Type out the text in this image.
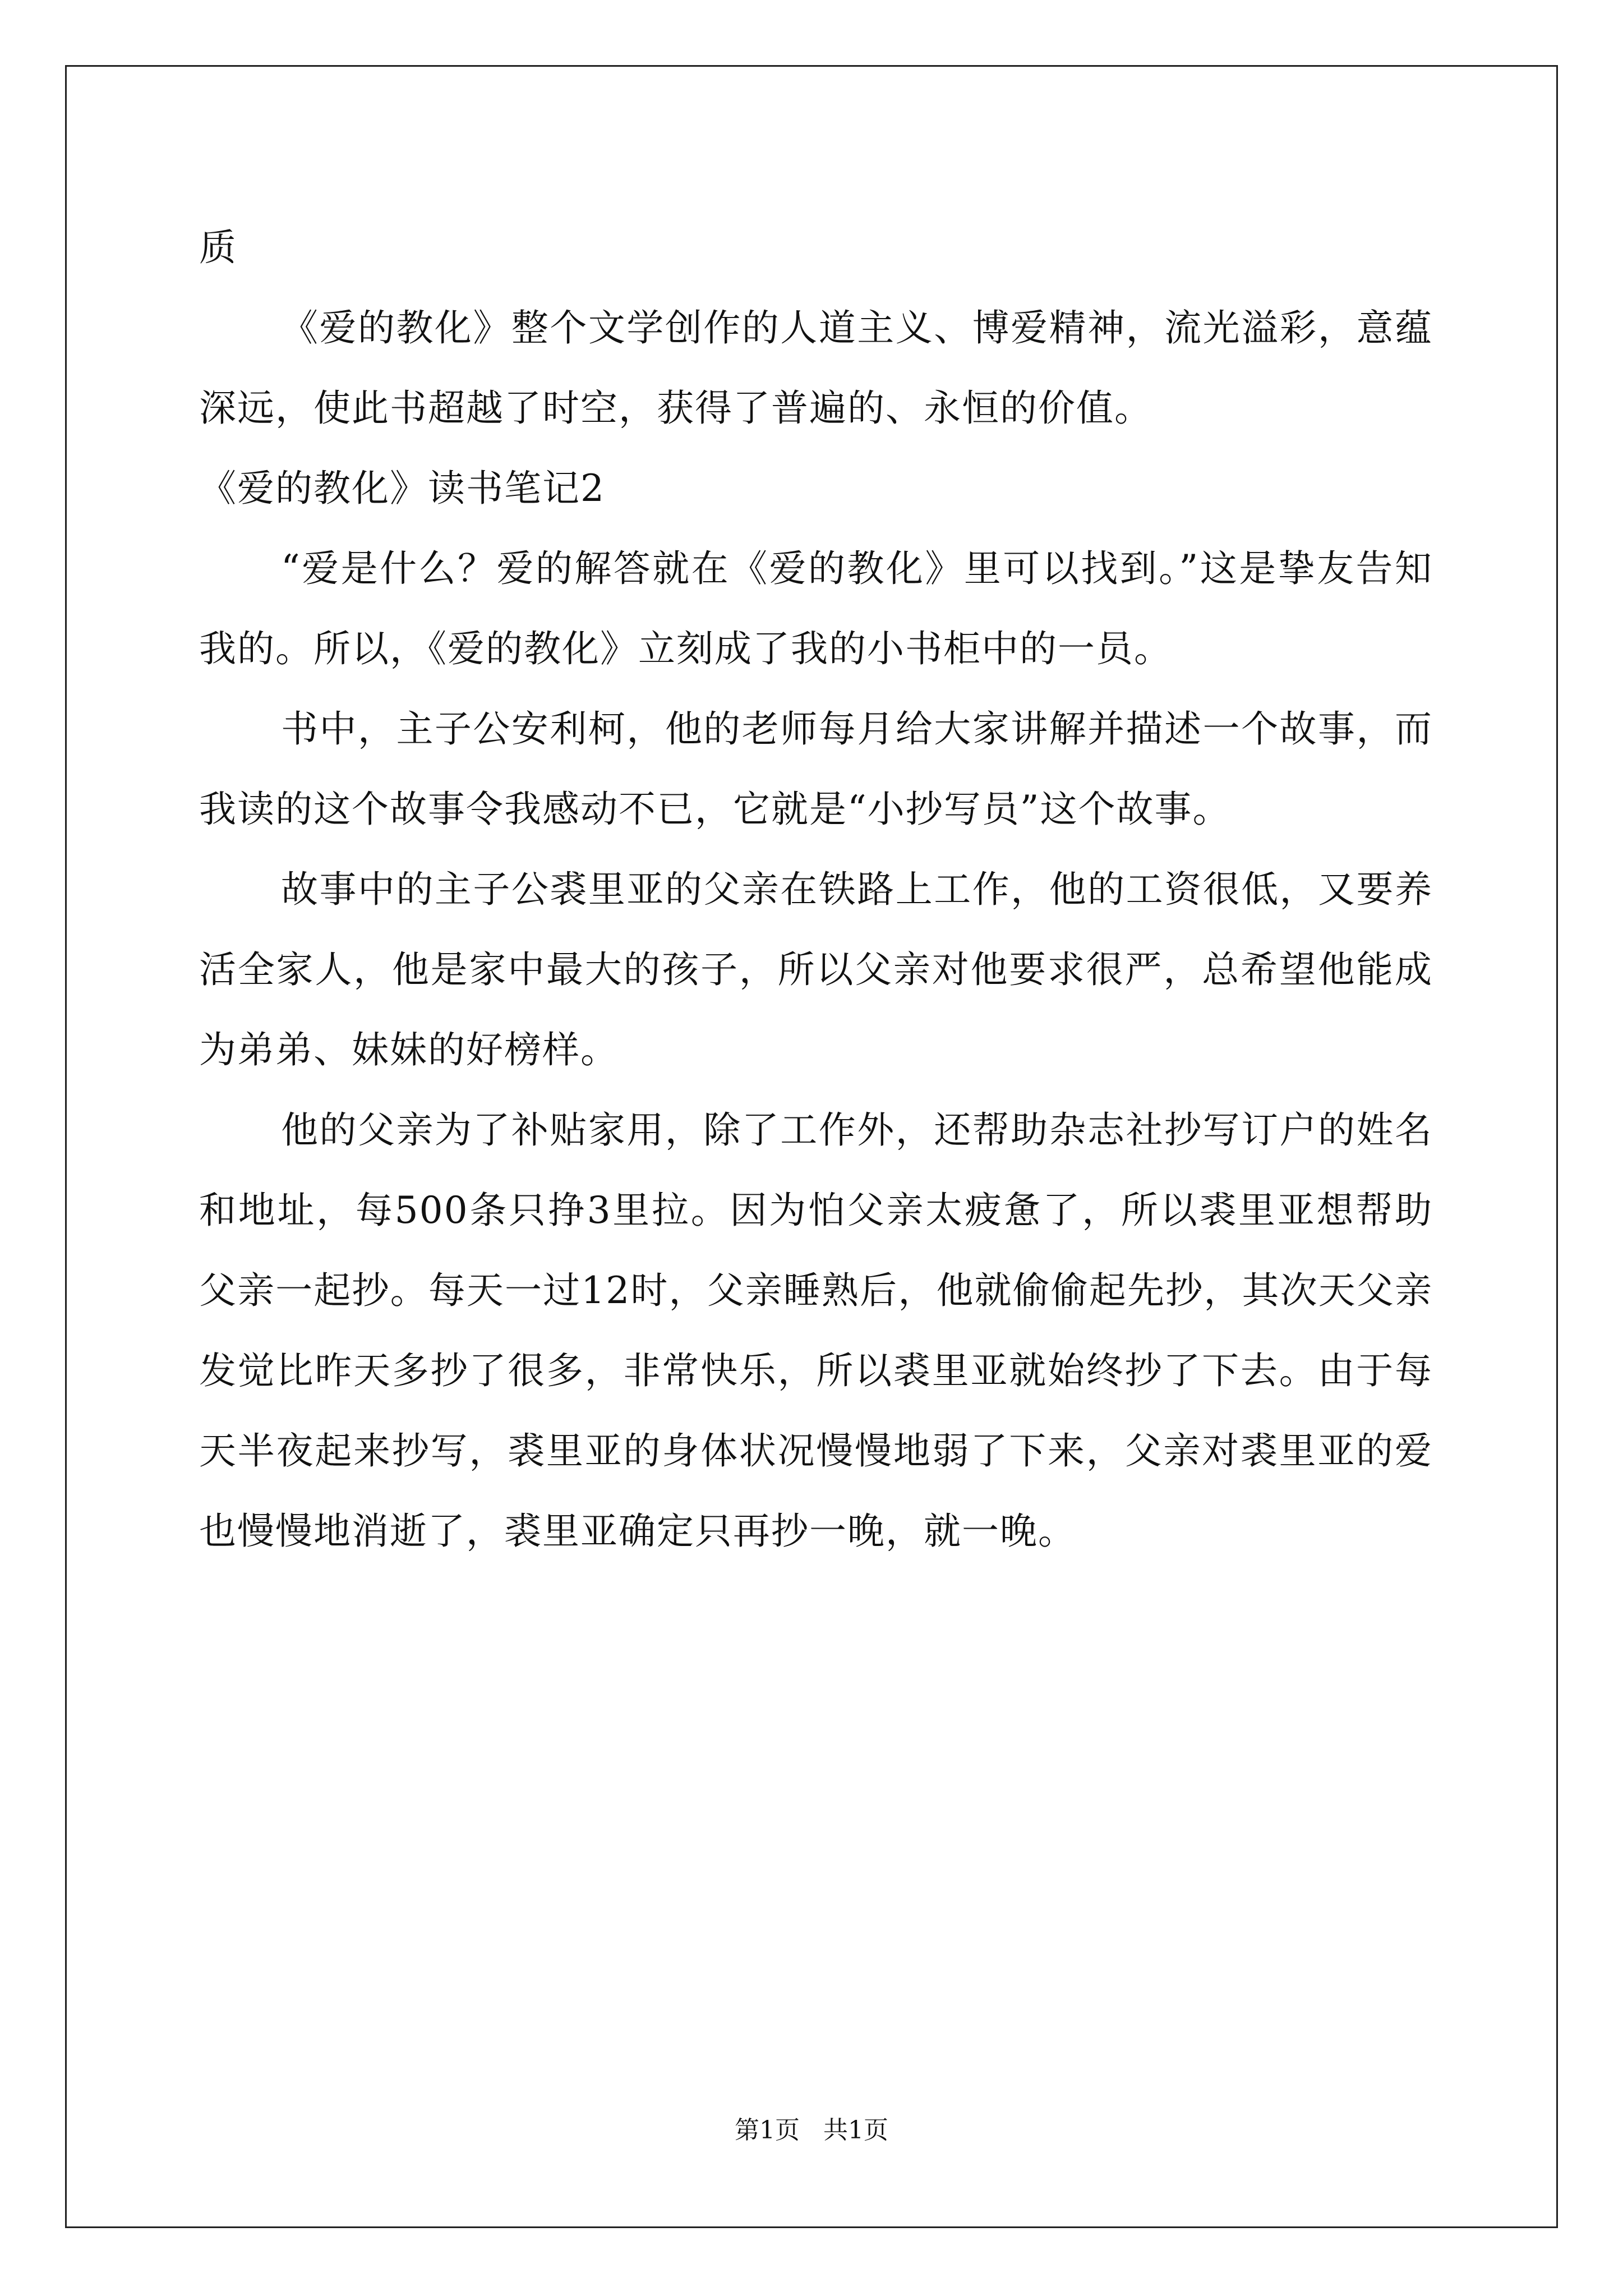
质

《爱的教化》整个文学创作的人道主义、博爱精神，流光溢彩，意蕴深远，使此书超越了时空，获得了普遍的、永恒的价值。

《爱的教化》读书笔记2

“爱是什么？爱的解答就在《爱的教化》里可以找到。”这是挚友告知我的。所以，《爱的教化》立刻成了我的小书柜中的一员。

书中，主子公安利柯，他的老师每月给大家讲解并描述一个故事，而我读的这个故事令我感动不已，它就是“小抄写员”这个故事。

故事中的主子公裘里亚的父亲在铁路上工作，他的工资很低，又要养活全家人，他是家中最大的孩子，所以父亲对他要求很严，总希望他能成为弟弟、妹妹的好榜样。

他的父亲为了补贴家用，除了工作外，还帮助杂志社抄写订户的姓名和地址，每500条只挣3里拉。因为怕父亲太疲惫了，所以裘里亚想帮助父亲一起抄。每天一过12时，父亲睡熟后，他就偷偷起先抄，其次天父亲发觉比昨天多抄了很多，非常快乐，所以裘里亚就始终抄了下去。由于每天半夜起来抄写，裘里亚的身体状况慢慢地弱了下来，父亲对裘里亚的爱也慢慢地消逝了，裘里亚确定只再抄一晚，就一晚。

第1页   共1页
